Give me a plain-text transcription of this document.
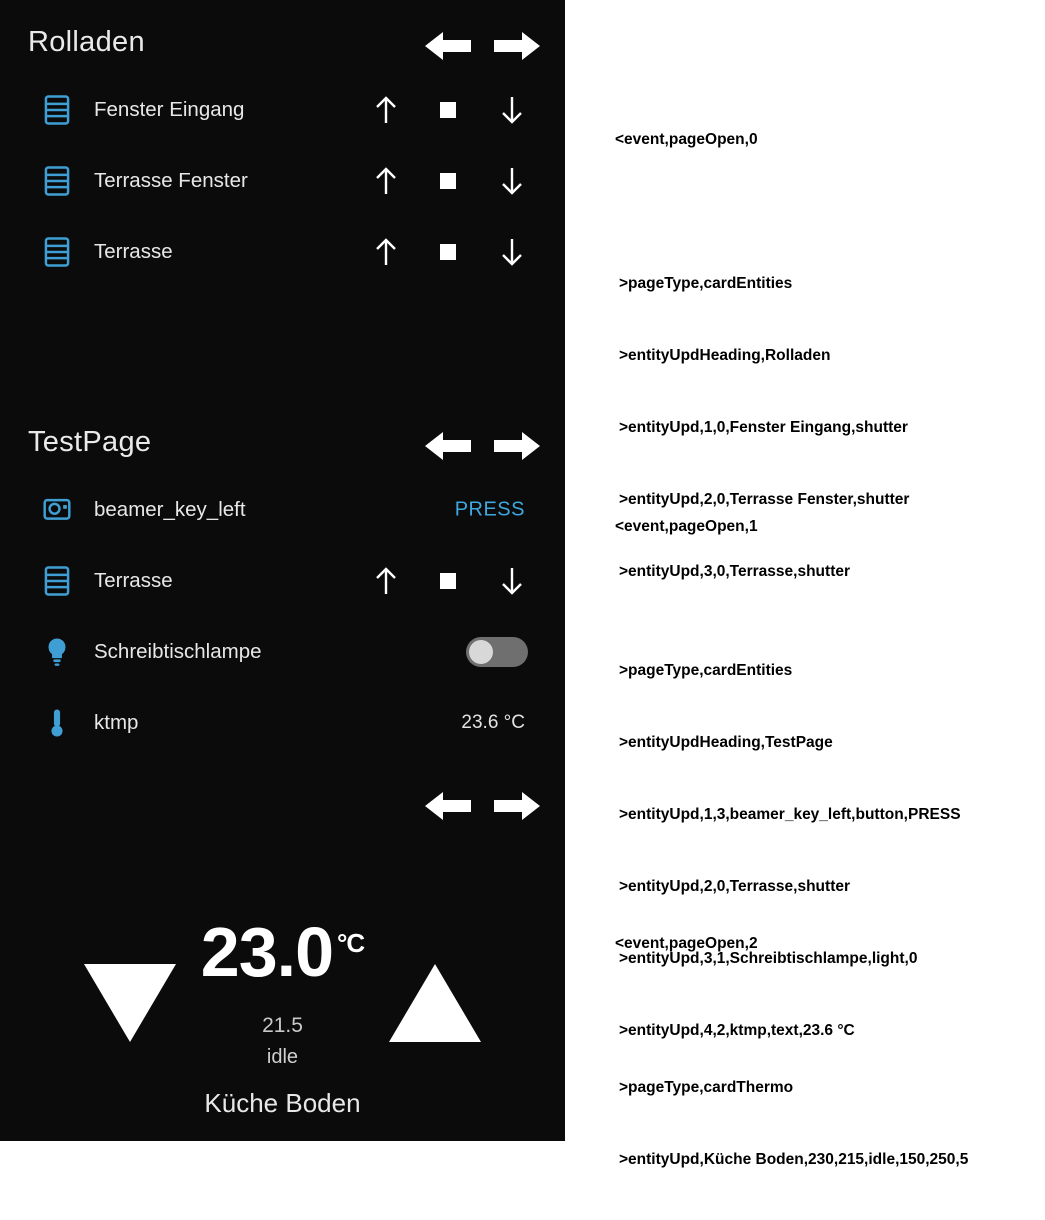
Rolladen
Fenster Eingang
Terrasse Fenster
Terrasse
TestPage
beamer_key_left	PRESS
Terrasse
Schreibtischlampe
ktmp	23.6 °C
23.0 $^{^\circ C}$
21.5
idle
Küche Boden

<event,pageOpen,0

>pageType,cardEntities

>entityUpdHeading,Rolladen

>entityUpd,1,0,Fenster Eingang,shutter

>entityUpd,2,0,Terrasse Fenster,shutter

>entityUpd,3,0,Terrasse,shutter

<event,pageOpen,1

>pageType,cardEntities

>entityUpdHeading,TestPage

>entityUpd,1,3,beamer_key_left,button,PRESS

>entityUpd,2,0,Terrasse,shutter

>entityUpd,3,1,Schreibtischlampe,light,0

>entityUpd,4,2,ktmp,text,23.6 °C

<event,pageOpen,2

>pageType,cardThermo

>entityUpd,Küche Boden,230,215,idle,150,250,5
